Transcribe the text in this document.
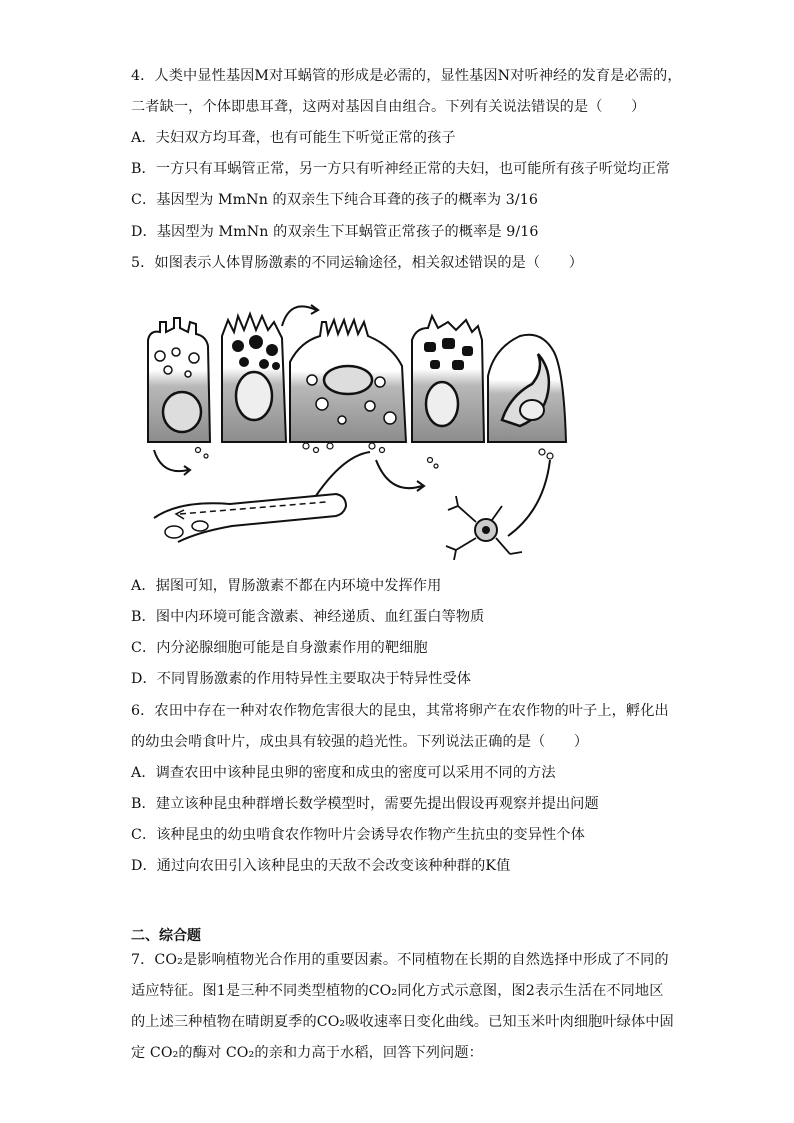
4．人类中显性基因M对耳蜗管的形成是必需的，显性基因N对听神经的发育是必需的，
二者缺一，个体即患耳聋，这两对基因自由组合。下列有关说法错误的是（　　）
A．夫妇双方均耳聋，也有可能生下听觉正常的孩子
B．一方只有耳蜗管正常，另一方只有听神经正常的夫妇，也可能所有孩子听觉均正常
C．基因型为 MmNn 的双亲生下纯合耳聋的孩子的概率为 3/16
D．基因型为 MmNn 的双亲生下耳蜗管正常孩子的概率是 9/16
5．如图表示人体胃肠激素的不同运输途径，相关叙述错误的是（　　）
A．据图可知，胃肠激素不都在内环境中发挥作用
B．图中内环境可能含激素、神经递质、血红蛋白等物质
C．内分泌腺细胞可能是自身激素作用的靶细胞
D．不同胃肠激素的作用特异性主要取决于特异性受体
6．农田中存在一种对农作物危害很大的昆虫，其常将卵产在农作物的叶子上，孵化出
的幼虫会啃食叶片，成虫具有较强的趋光性。下列说法正确的是（　　）
A．调查农田中该种昆虫卵的密度和成虫的密度可以采用不同的方法
B．建立该种昆虫种群增长数学模型时，需要先提出假设再观察并提出问题
C．该种昆虫的幼虫啃食农作物叶片会诱导农作物产生抗虫的变异性个体
D．通过向农田引入该种昆虫的天敌不会改变该种种群的K值
二、综合题
7．CO₂是影响植物光合作用的重要因素。不同植物在长期的自然选择中形成了不同的
适应特征。图1是三种不同类型植物的CO₂同化方式示意图，图2表示生活在不同地区
的上述三种植物在晴朗夏季的CO₂吸收速率日变化曲线。已知玉米叶肉细胞叶绿体中固
定 CO₂的酶对 CO₂的亲和力高于水稻，回答下列问题：
